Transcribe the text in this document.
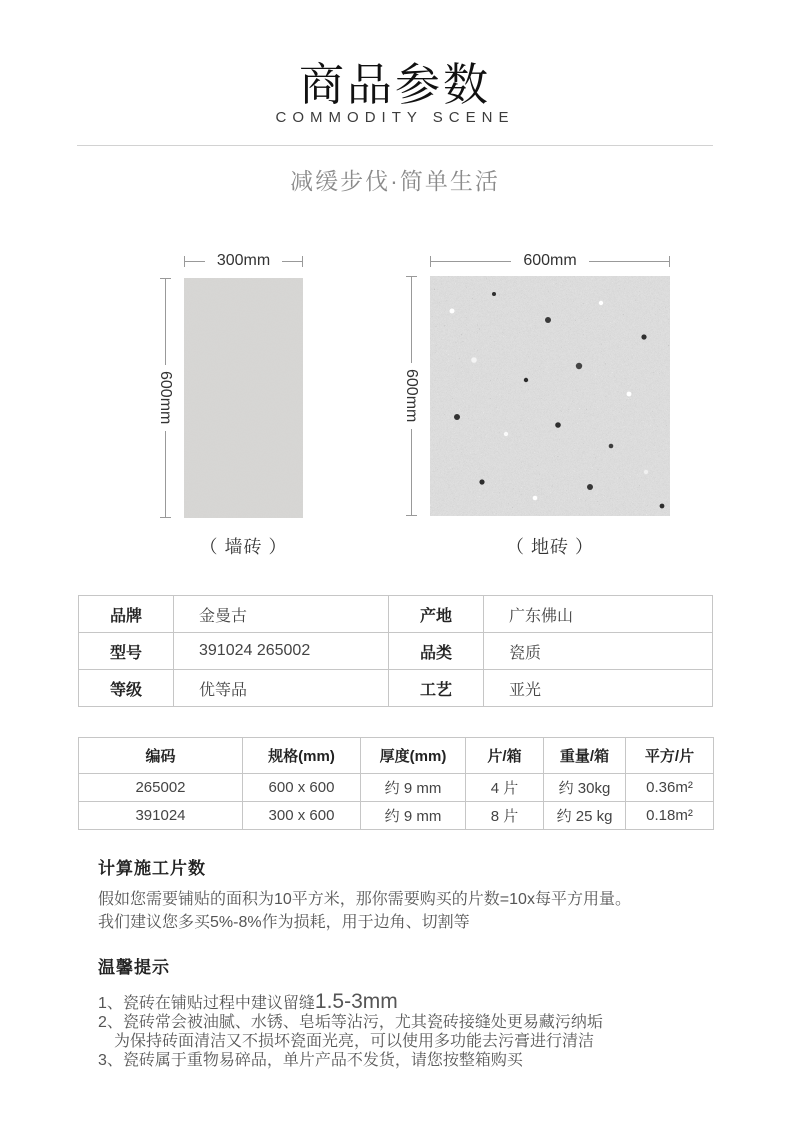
商品参数
COMMODITY SCENE
减缓步伐·简单生活
300mm
600mm
（ 墙砖 ）
600mm
600mm
（ 地砖 ）
品牌	金曼古	产地	广东佛山
型号	391024 265002	品类	瓷质
等级	优等品	工艺	亚光
编码	规格(mm)	厚度(mm)	片/箱	重量/箱	平方/片
265002	600 x 600	约 9 mm	4 片	约 30kg	0.36m²
391024	300 x 600	约 9 mm	8 片	约 25 kg	0.18m²
计算施工片数
假如您需要铺贴的面积为10平方米，那你需要购买的片数=10x每平方用量。
我们建议您多买5%-8%作为损耗，用于边角、切割等
温馨提示
1、瓷砖在铺贴过程中建议留缝1.5-3mm
2、瓷砖常会被油腻、水锈、皂垢等沾污，尤其瓷砖接缝处更易藏污纳垢
为保持砖面清洁又不损坏瓷面光亮，可以使用多功能去污膏进行清洁
3、瓷砖属于重物易碎品，单片产品不发货，请您按整箱购买
